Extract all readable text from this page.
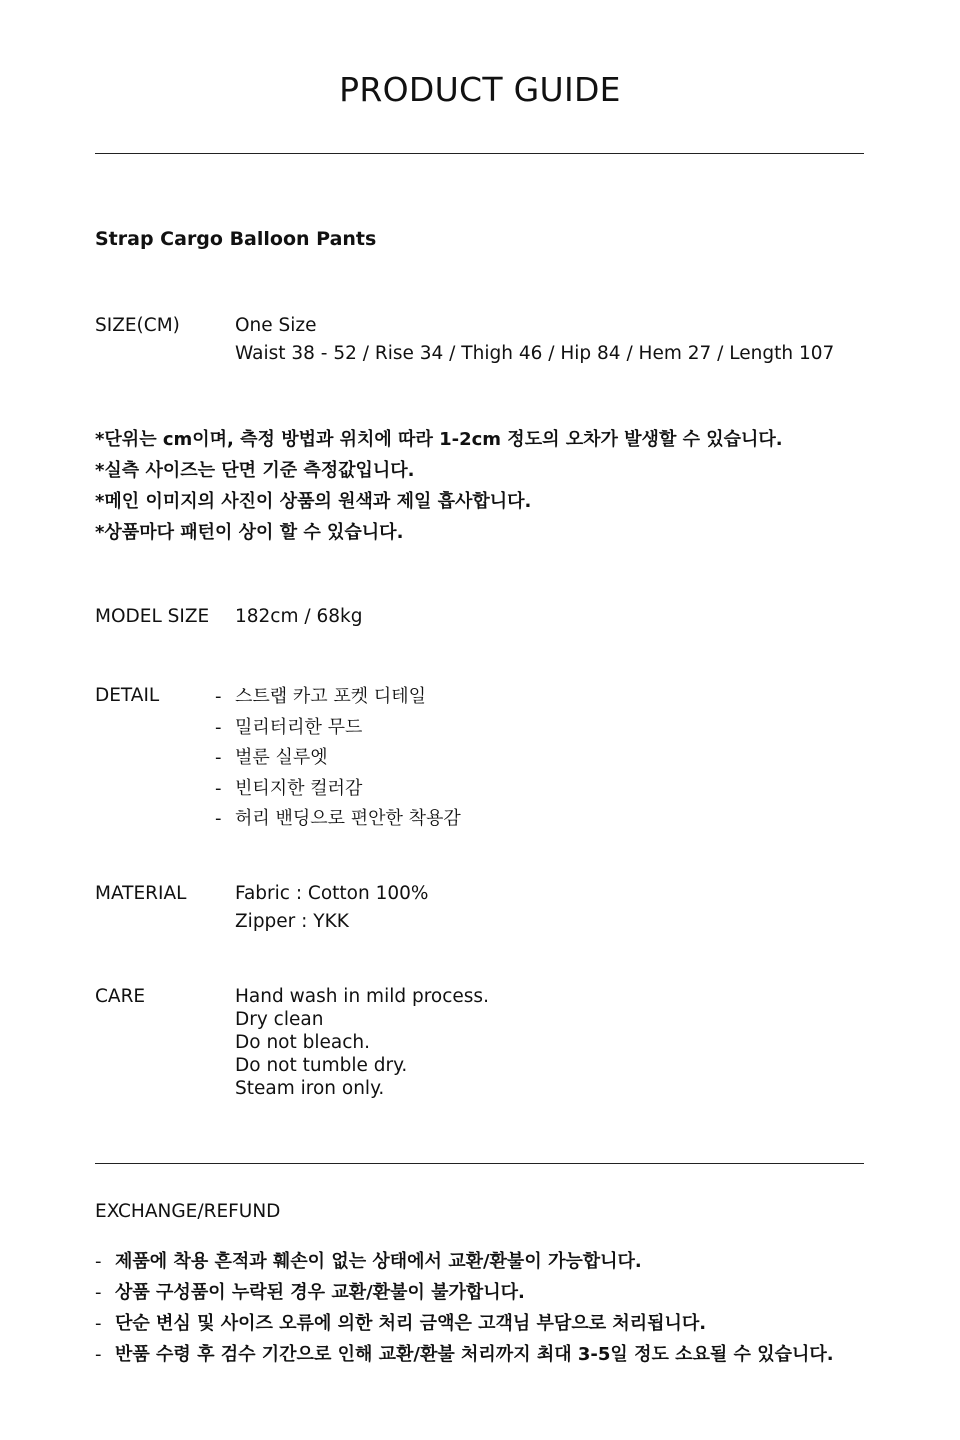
PRODUCT GUIDE
Strap Cargo Balloon Pants
SIZE(CM)	One Size
Waist 38 - 52 / Rise 34 / Thigh 46 / Hip 84 / Hem 27 / Length 107
*단위는 cm이며, 측정 방법과 위치에 따라 1-2cm 정도의 오차가 발생할 수 있습니다.
*실측 사이즈는 단면 기준 측정값입니다.
*메인 이미지의 사진이 상품의 원색과 제일 흡사합니다.
*상품마다 패턴이 상이 할 수 있습니다.
MODEL SIZE 182cm / 68kg
DETAIL	- 스트랩 카고 포켓 디테일
- 밀리터리한 무드
- 벌룬 실루엣
- 빈티지한 컬러감
- 허리 밴딩으로 편안한 착용감
MATERIAL	Fabric : Cotton 100%
Zipper : YKK
CARE	Hand wash in mild process.
Dry clean
Do not bleach.
Do not tumble dry.
Steam iron only.
EXCHANGE/REFUND
- 제품에 착용 흔적과 훼손이 없는 상태에서 교환/환불이 가능합니다.
- 상품 구성품이 누락된 경우 교환/환불이 불가합니다.
- 단순 변심 및 사이즈 오류에 의한 처리 금액은 고객님 부담으로 처리됩니다.
- 반품 수령 후 검수 기간으로 인해 교환/환불 처리까지 최대 3-5일 정도 소요될 수 있습니다.
